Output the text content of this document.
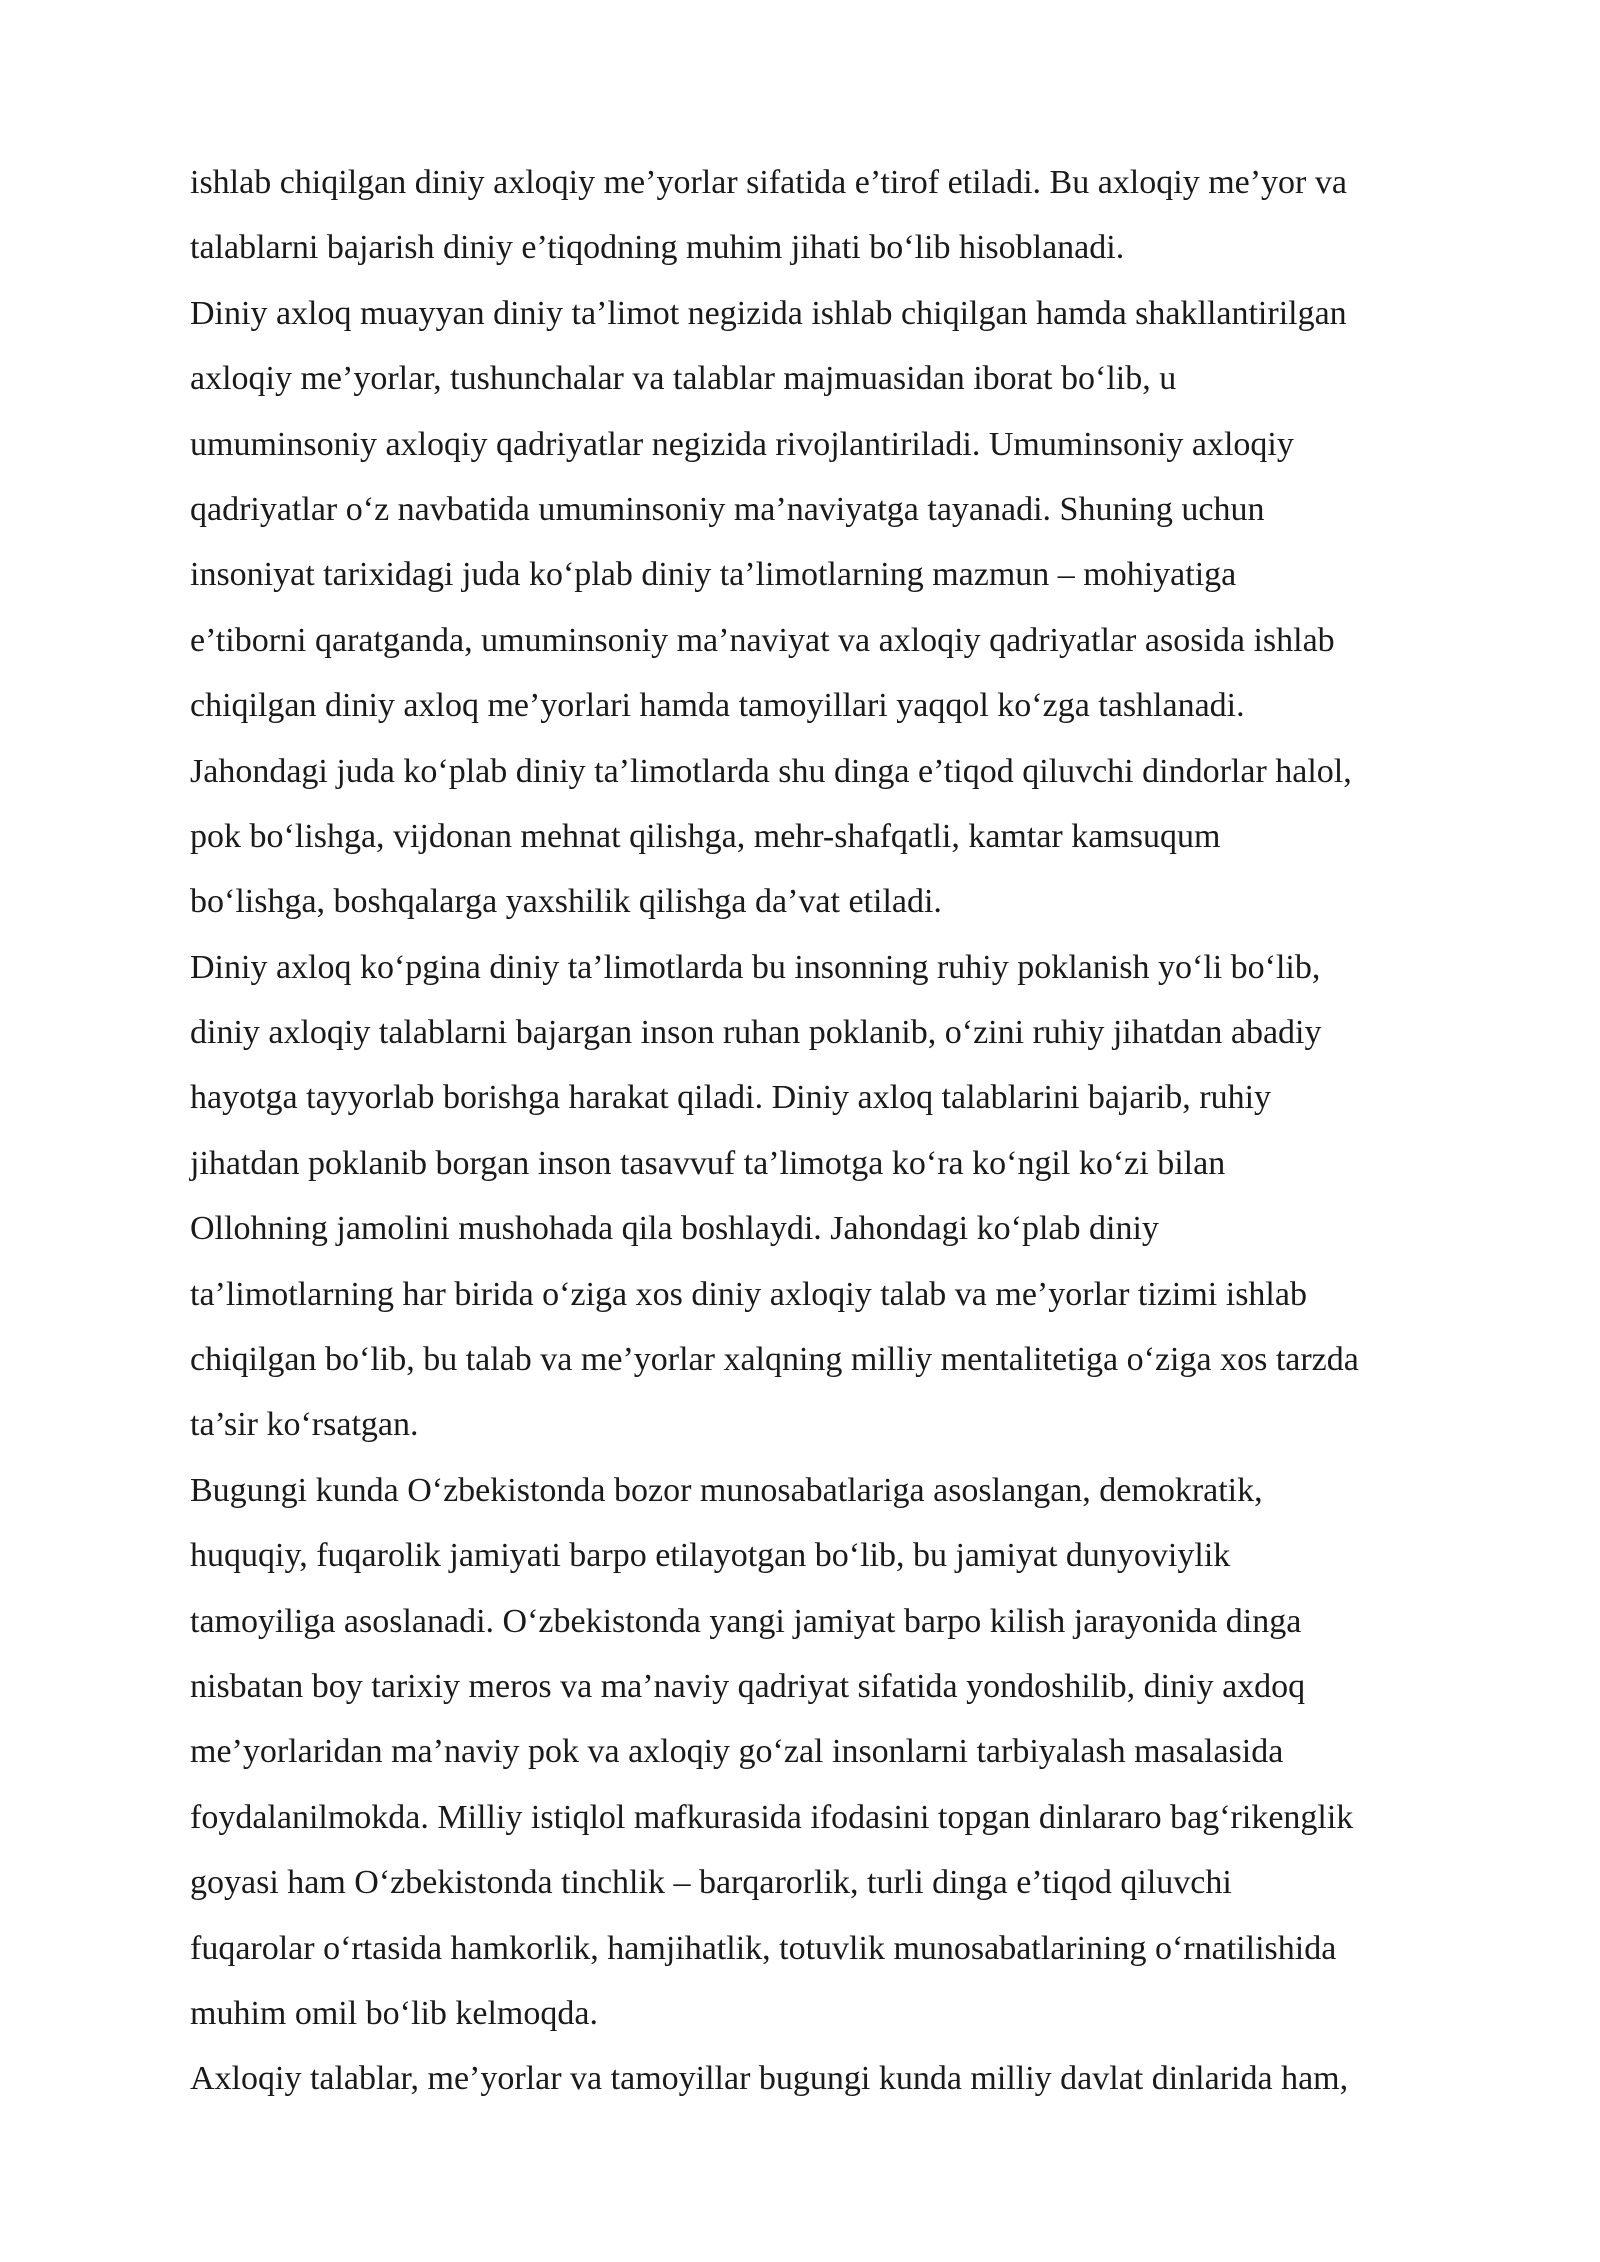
ishlab chiqilgan diniy axloqiy me’yorlar sifatida e’tirof etiladi. Bu axloqiy me’yor va
talablarni bajarish diniy e’tiqodning muhim jihati bo‘lib hisoblanadi.
Diniy axloq muayyan diniy ta’limot negizida ishlab chiqilgan hamda shakllantirilgan
axloqiy me’yorlar, tushunchalar va talablar majmuasidan iborat bo‘lib, u
umuminsoniy axloqiy qadriyatlar negizida rivojlantiriladi. Umuminsoniy axloqiy
qadriyatlar o‘z navbatida umuminsoniy ma’naviyatga tayanadi. Shuning uchun
insoniyat tarixidagi juda ko‘plab diniy ta’limotlarning mazmun – mohiyatiga
e’tiborni qaratganda, umuminsoniy ma’naviyat va axloqiy qadriyatlar asosida ishlab
chiqilgan diniy axloq me’yorlari hamda tamoyillari yaqqol ko‘zga tashlanadi.
Jahondagi juda ko‘plab diniy ta’limotlarda shu dinga e’tiqod qiluvchi dindorlar halol,
pok bo‘lishga, vijdonan mehnat qilishga, mehr-shafqatli, kamtar kamsuqum
bo‘lishga, boshqalarga yaxshilik qilishga da’vat etiladi.
Diniy axloq ko‘pgina diniy ta’limotlarda bu insonning ruhiy poklanish yo‘li bo‘lib,
diniy axloqiy talablarni bajargan inson ruhan poklanib, o‘zini ruhiy jihatdan abadiy
hayotga tayyorlab borishga harakat qiladi. Diniy axloq talablarini bajarib, ruhiy
jihatdan poklanib borgan inson tasavvuf ta’limotga ko‘ra ko‘ngil ko‘zi bilan
Ollohning jamolini mushohada qila boshlaydi. Jahondagi ko‘plab diniy
ta’limotlarning har birida o‘ziga xos diniy axloqiy talab va me’yorlar tizimi ishlab
chiqilgan bo‘lib, bu talab va me’yorlar xalqning milliy mentalitetiga o‘ziga xos tarzda
ta’sir ko‘rsatgan.
Bugungi kunda O‘zbekistonda bozor munosabatlariga asoslangan, demokratik,
huquqiy, fuqarolik jamiyati barpo etilayotgan bo‘lib, bu jamiyat dunyoviylik
tamoyiliga asoslanadi. O‘zbekistonda yangi jamiyat barpo kilish jarayonida dinga
nisbatan boy tarixiy meros va ma’naviy qadriyat sifatida yondoshilib, diniy axdoq
me’yorlaridan ma’naviy pok va axloqiy go‘zal insonlarni tarbiyalash masalasida
foydalanilmokda. Milliy istiqlol mafkurasida ifodasini topgan dinlararo bag‘rikenglik
goyasi ham O‘zbekistonda tinchlik – barqarorlik, turli dinga e’tiqod qiluvchi
fuqarolar o‘rtasida hamkorlik, hamjihatlik, totuvlik munosabatlarining o‘rnatilishida
muhim omil bo‘lib kelmoqda.
Axloqiy talablar, me’yorlar va tamoyillar bugungi kunda milliy davlat dinlarida ham,
